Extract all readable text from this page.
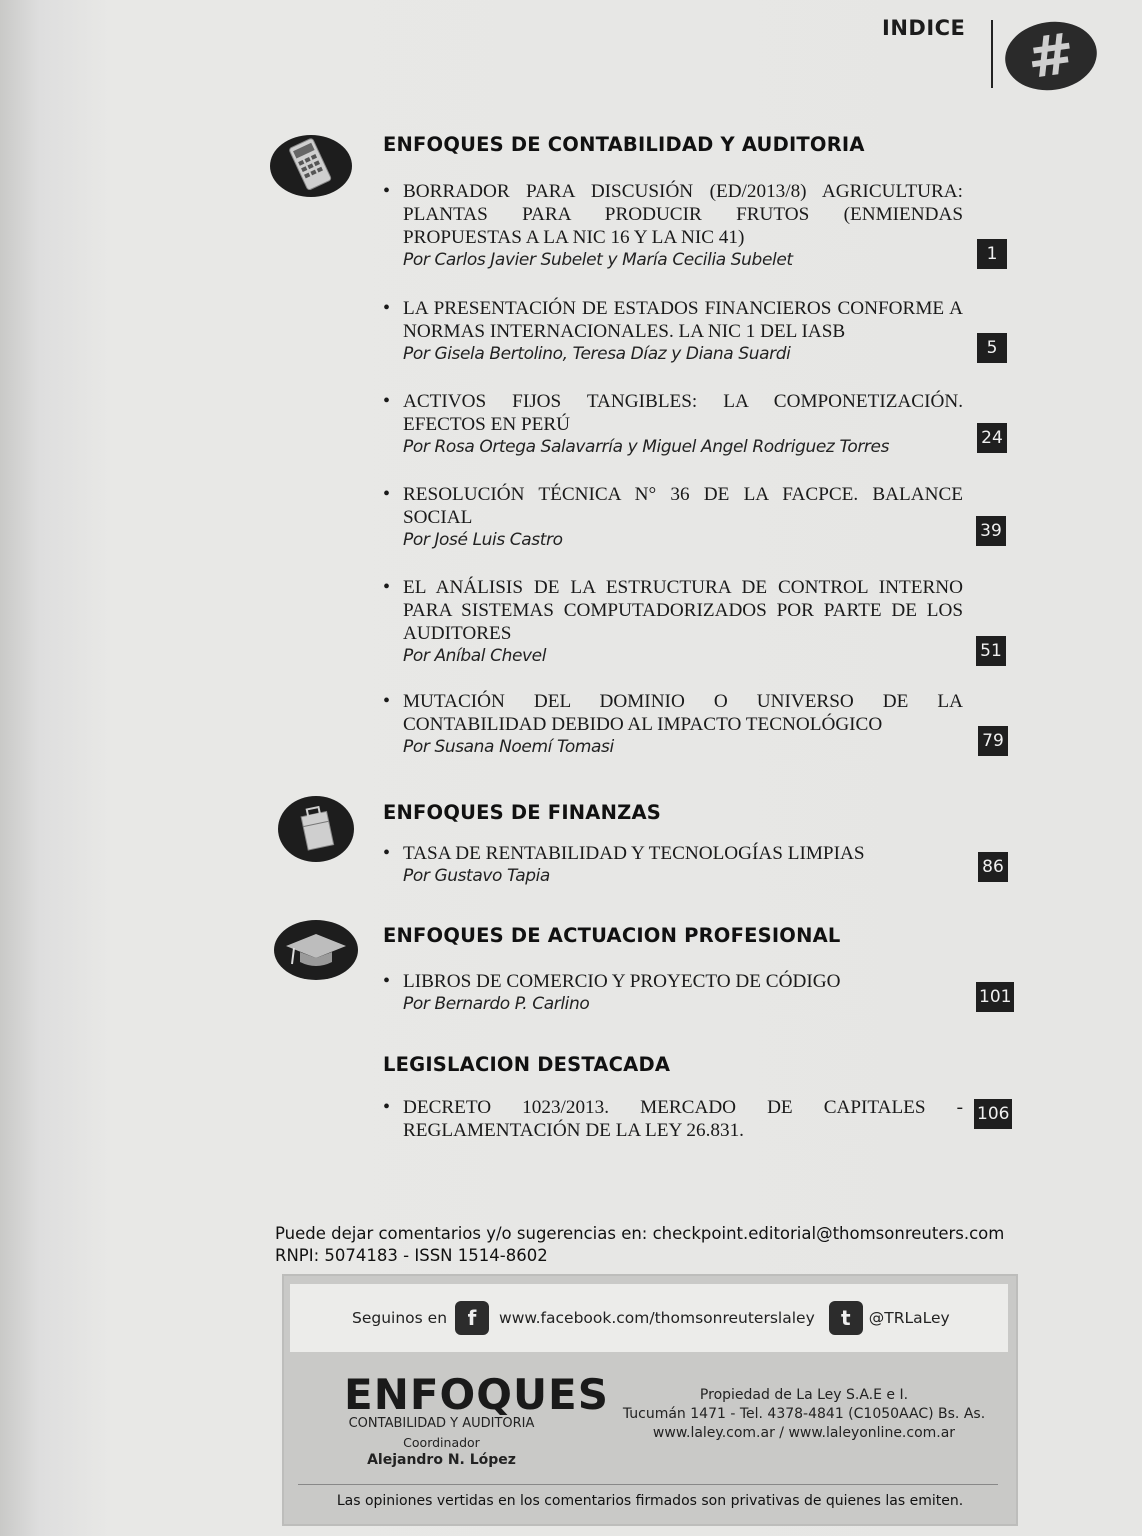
INDICE	#
ENFOQUES DE CONTABILIDAD Y AUDITORIA
• BORRADOR PARA DISCUSIÓN (ED/2013/8) AGRICULTURA: PLANTAS PARA PRODUCIR FRUTOS (ENMIENDAS PROPUESTAS A LA NIC 16 Y LA NIC 41)
Por Carlos Javier Subelet y María Cecilia Subelet	1
• LA PRESENTACIÓN DE ESTADOS FINANCIEROS CONFORME A NORMAS INTERNACIONALES. LA NIC 1 DEL IASB
Por Gisela Bertolino, Teresa Díaz y Diana Suardi	5
• ACTIVOS FIJOS TANGIBLES: LA COMPONETIZACIÓN. EFECTOS EN PERÚ
Por Rosa Ortega Salavarría y Miguel Angel Rodriguez Torres	24
• RESOLUCIÓN TÉCNICA N° 36 DE LA FACPCE. BALANCE SOCIAL
Por José Luis Castro	39
• EL ANÁLISIS DE LA ESTRUCTURA DE CONTROL INTERNO PARA SISTEMAS COMPUTADORIZADOS POR PARTE DE LOS AUDITORES
Por Aníbal Chevel	51
• MUTACIÓN DEL DOMINIO O UNIVERSO DE LA CONTABILIDAD DEBIDO AL IMPACTO TECNOLÓGICO
Por Susana Noemí Tomasi	79
ENFOQUES DE FINANZAS
• TASA DE RENTABILIDAD Y TECNOLOGÍAS LIMPIAS
Por Gustavo Tapia	86
ENFOQUES DE ACTUACION PROFESIONAL
• LIBROS DE COMERCIO Y PROYECTO DE CÓDIGO
Por Bernardo P. Carlino	101
LEGISLACION DESTACADA
• DECRETO 1023/2013. MERCADO DE CAPITALES - REGLAMENTACIÓN DE LA LEY 26.831.
106
Puede dejar comentarios y/o sugerencias en: checkpoint.editorial@thomsonreuters.com
RNPI: 5074183 - ISSN 1514-8602
Seguinos en	f	www.facebook.com/thomsonreuterslaley	t	@TRLaLey
ENFOQUES
CONTABILIDAD Y AUDITORIA
Coordinador
Alejandro N. López
Propiedad de La Ley S.A.E e I.
Tucumán 1471 - Tel. 4378-4841 (C1050AAC) Bs. As.
www.laley.com.ar / www.laleyonline.com.ar
Las opiniones vertidas en los comentarios firmados son privativas de quienes las emiten.
